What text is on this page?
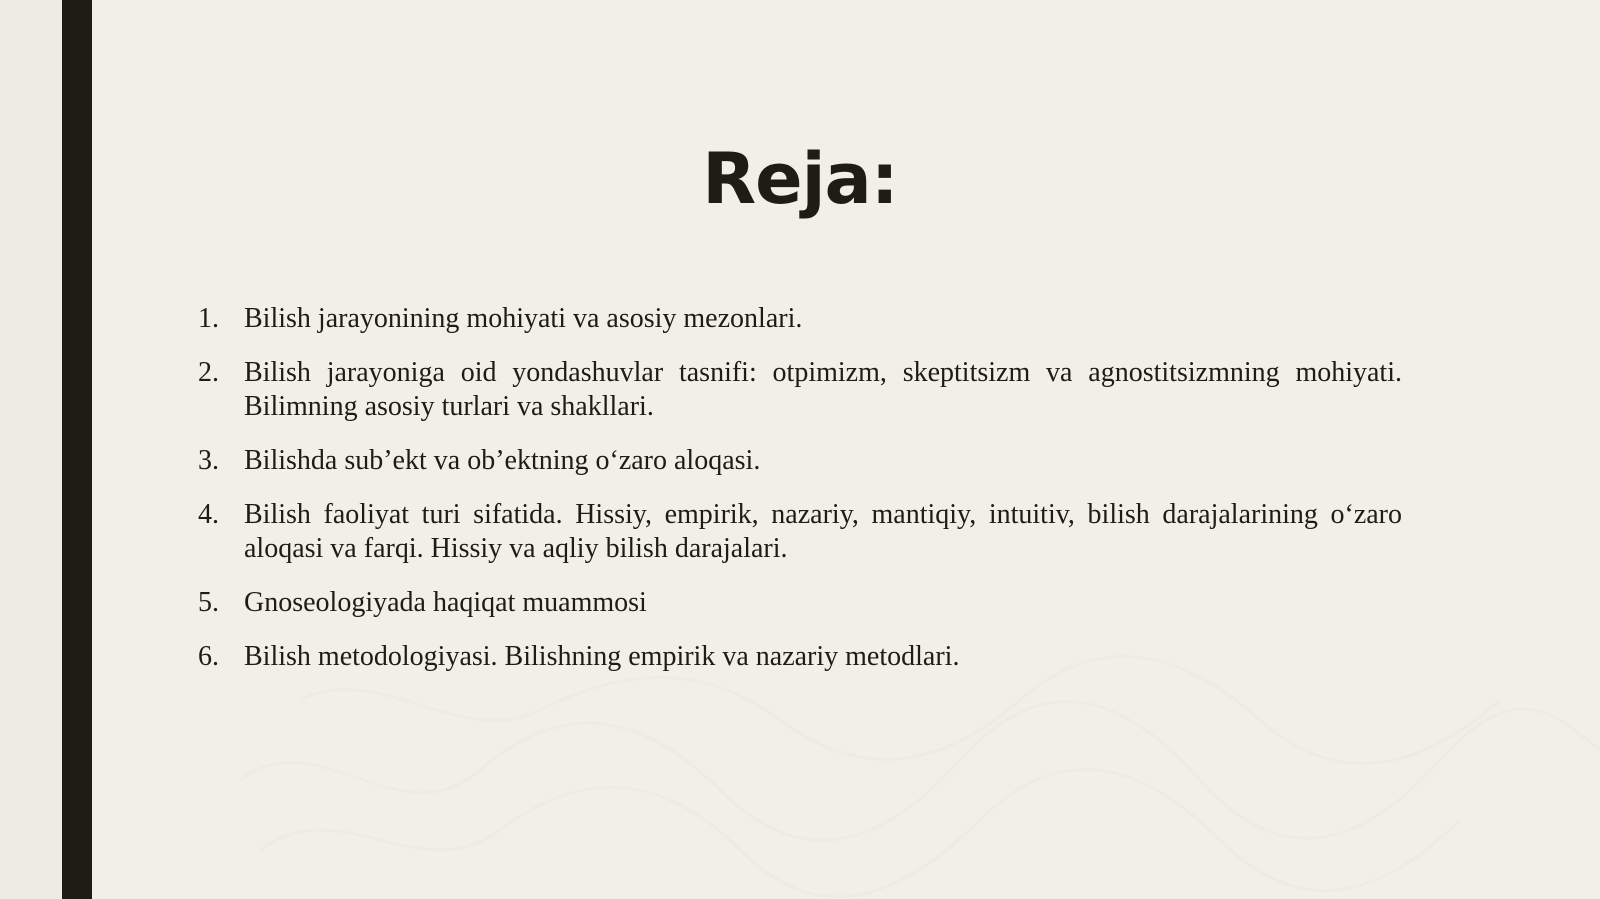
Reja:
1. Bilish jarayonining mohiyati va asosiy mezonlari.
2. Bilish jarayoniga oid yondashuvlar tasnifi: otpimizm, skeptitsizm va agnostitsizmning mohiyati. Bilimning asosiy turlari va shakllari.
3. Bilishda sub’ekt va ob’ektning o‘zaro aloqasi.
4. Bilish faoliyat turi sifatida. Hissiy, empirik, nazariy, mantiqiy, intuitiv, bilish darajalarining o‘zaro aloqasi va farqi. Hissiy va aqliy bilish darajalari.
5. Gnoseologiyada haqiqat muammosi
6. Bilish metodologiyasi. Bilishning empirik va nazariy metodlari.
